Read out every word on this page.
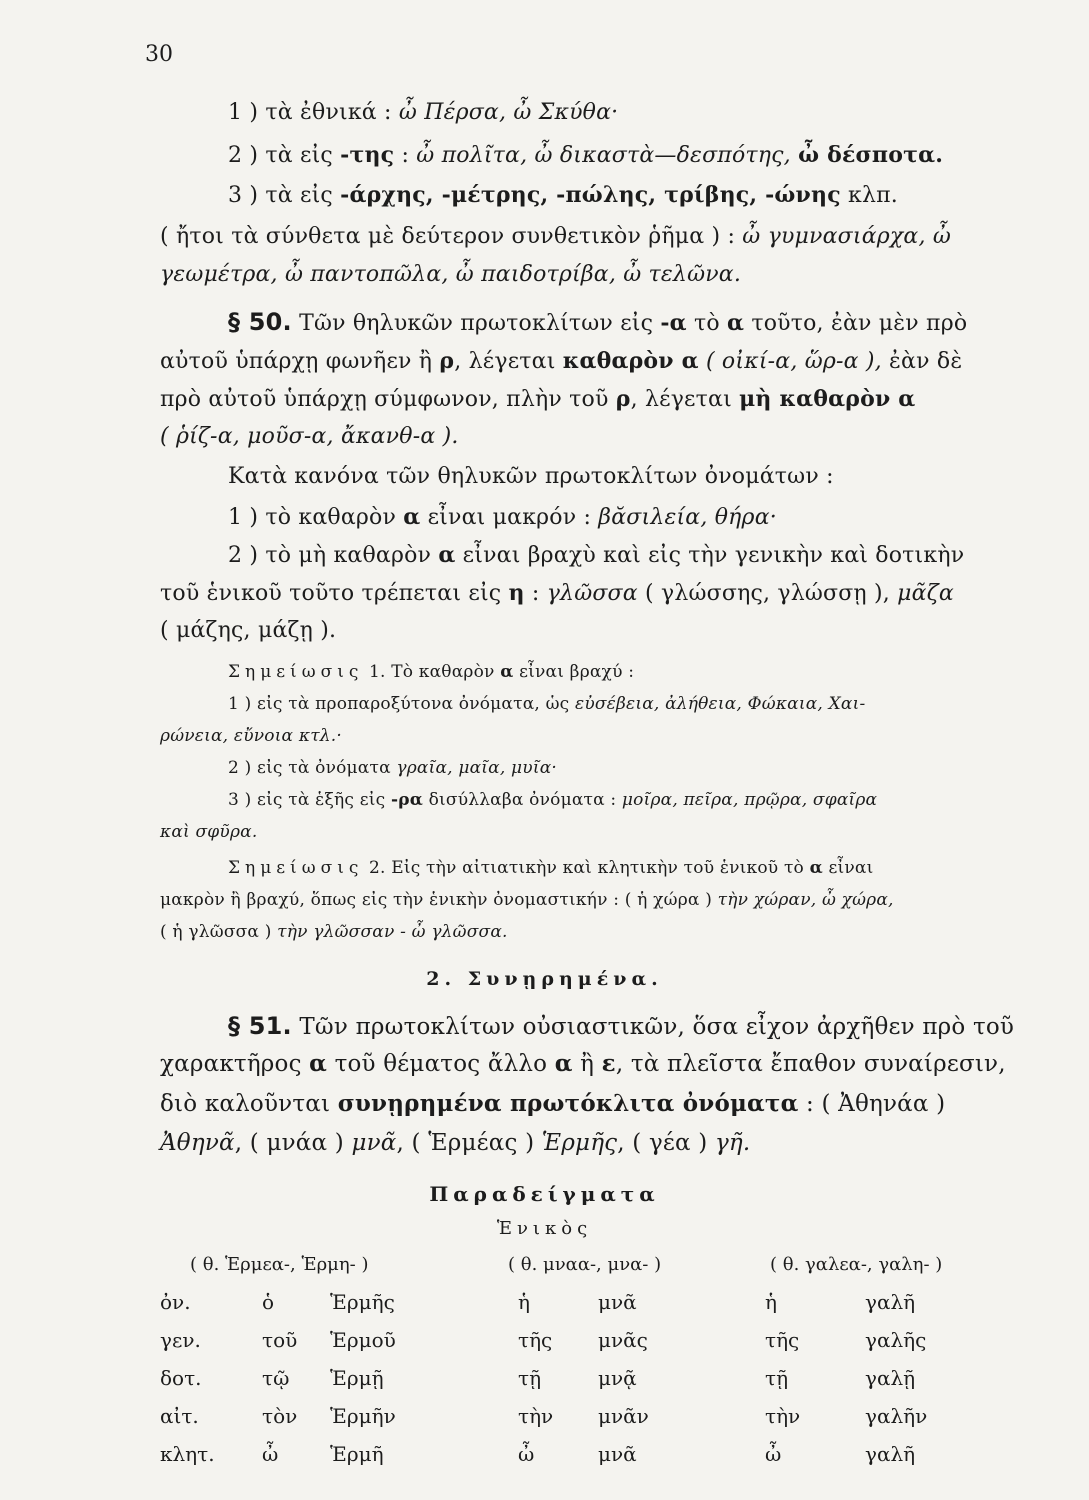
30
1 ) τὰ ἐθνικά : ὦ Πέρσα, ὦ Σκύθα·
2 ) τὰ εἰς -της : ὦ πολῖτα, ὦ δικαστὰ—δεσπότης, ὦ δέσποτα.
3 ) τὰ εἰς -άρχης, -μέτρης, -πώλης, τρίβης, -ώνης κλπ.
( ἤτοι τὰ σύνθετα μὲ δεύτερον συνθετικὸν ῥῆμα ) : ὦ γυμνασιάρχα, ὦ
γεωμέτρα, ὦ παντοπῶλα, ὦ παιδοτρίβα, ὦ τελῶνα.
§ 50. Τῶν θηλυκῶν πρωτοκλίτων εἰς -α τὸ α τοῦτο, ἐὰν μὲν πρὸ
αὐτοῦ ὑπάρχῃ φωνῆεν ἢ ρ, λέγεται καθαρὸν α ( οἰκί-α, ὥρ-α ), ἐὰν δὲ
πρὸ αὐτοῦ ὑπάρχῃ σύμφωνον, πλὴν τοῦ ρ, λέγεται μὴ καθαρὸν α
( ῥίζ-α, μοῦσ-α, ἄκανθ-α ).
Κατὰ κανόνα τῶν θηλυκῶν πρωτοκλίτων ὀνομάτων :
1 ) τὸ καθαρὸν α εἶναι μακρόν : βᾰσιλεία, θήρα·
2 ) τὸ μὴ καθαρὸν α εἶναι βραχὺ καὶ εἰς τὴν γενικὴν καὶ δοτικὴν
τοῦ ἑνικοῦ τοῦτο τρέπεται εἰς η : γλῶσσα ( γλώσσης, γλώσσῃ ), μᾶζα
( μάζης, μάζῃ ).
Σημείωσις 1. Τὸ καθαρὸν α εἶναι βραχύ :
1 ) εἰς τὰ προπαροξύτονα ὀνόματα, ὡς εὐσέβεια, ἀλήθεια, Φώκαια, Χαι-
ρώνεια, εὔνοια κτλ.·
2 ) εἰς τὰ ὀνόματα γραῖα, μαῖα, μυῖα·
3 ) εἰς τὰ ἑξῆς εἰς -ρα δισύλλαβα ὀνόματα : μοῖρα, πεῖρα, πρῷρα, σφαῖρα
καὶ σφῦρα.
Σημείωσις 2. Εἰς τὴν αἰτιατικὴν καὶ κλητικὴν τοῦ ἑνικοῦ τὸ α εἶναι
μακρὸν ἢ βραχύ, ὅπως εἰς τὴν ἑνικὴν ὀνομαστικήν : ( ἡ χώρα ) τὴν χώραν, ὦ χώρα,
( ἡ γλῶσσα ) τὴν γλῶσσαν - ὦ γλῶσσα.
2. Συνῃρημένα.
§ 51. Τῶν πρωτοκλίτων οὐσιαστικῶν, ὅσα εἶχον ἀρχῆθεν πρὸ τοῦ
χαρακτῆρος α τοῦ θέματος ἄλλο α ἢ ε, τὰ πλεῖστα ἔπαθον συναίρεσιν,
διὸ καλοῦνται συνῃρημένα πρωτόκλιτα ὀνόματα : ( Ἀθηνάα )
Ἀθηνᾶ, ( μνάα ) μνᾶ, ( Ἑρμέας ) Ἑρμῆς, ( γέα ) γῆ.
Παραδείγματα
Ἑνικὸς
( θ. Ἑρμεα-, Ἑρμη- )	( θ. μναα-, μνα- )	( θ. γαλεα-, γαλη- )
ὀν.	ὁ	Ἑρμῆς	ἡ	μνᾶ	ἡ	γαλῆ
γεν.	τοῦ Ἑρμοῦ	τῆς μνᾶς	τῆς	γαλῆς
δοτ.	τῷ Ἑρμῇ	τῇ	μνᾷ	τῇ	γαλῇ
αἰτ.	τὸν Ἑρμῆν	τὴν μνᾶν	τὴν	γαλῆν
κλητ. ὦ	Ἑρμῆ	ὦ	μνᾶ	ὦ	γαλῆ
